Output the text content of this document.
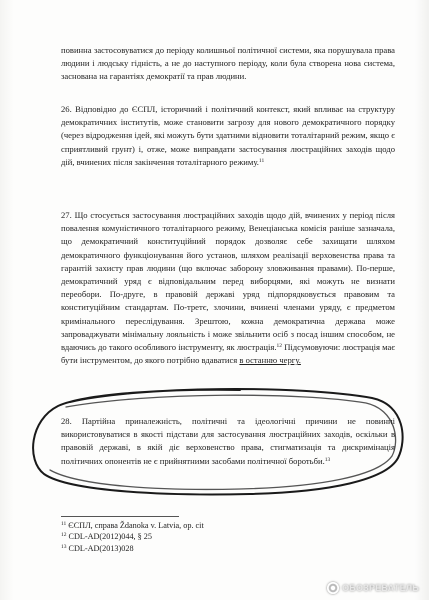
повинна застосовуватися до періоду колишньої політичної системи, яка порушувала права людини і людську гідність, а не до наступного періоду, коли була створена нова система, заснована на гарантіях демократії та прав людини.

26. Відповідно до ЄСПЛ, історичний і політичний контекст, який впливає на структуру демократичних інститутів, може становити загрозу для нового демократичного порядку (через відродження ідей, які можуть бути здатними відновити тоталітарний режим, якщо є сприятливий грунт) і, отже, може виправдати застосування люстраційних заходів щодо дій, вчинених після закінчення тоталітарного режиму.$^{11}$

27. Що стосується застосування люстраційних заходів щодо дій, вчинених у період після повалення комуністичного тоталітарного режиму, Венеціанська комісія раніше зазначала, що демократичний конституційний порядок дозволяє себе захищати шляхом демократичного функціонування його установ, шляхом реалізації верховенства права та гарантій захисту прав людини (що включає заборону зловживання правами). По-перше, демократичний уряд є відповідальним перед виборцями, які можуть не визнати переобори. По-друге, в правовій державі уряд підпорядковується правовим та конституційним стандартам. По-третє, злочини, вчинені членами уряду, є предметом кримінального переслідування. Зрештою, кожна демократична держава може запроваджувати мінімальну лояльність і може звільнити осіб з посад іншим способом, не вдаючись до такого особливого інструменту, як люстрація.$^{12}$ Підсумовуючи: люстрація має бути інструментом, до якого потрібно вдаватися в останню чергу.

28. Партійна приналежність, політичні та ідеологічні причини не повинні використовуватися в якості підстави для застосування люстраційних заходів, оскільки в правовій державі, в якій діє верховенство права, стигматизація та дискримінація політичних опонентів не є прийнятними засобами політичної боротьби.$^{13}$

$^{11}$ ЄСПЛ, справа Ždanoka v. Latvia, op. cit
$^{12}$ CDL-AD(2012)044, § 25
$^{13}$ CDL-AD(2013)028
ОБОЗРЕВАТЕЛЬ
